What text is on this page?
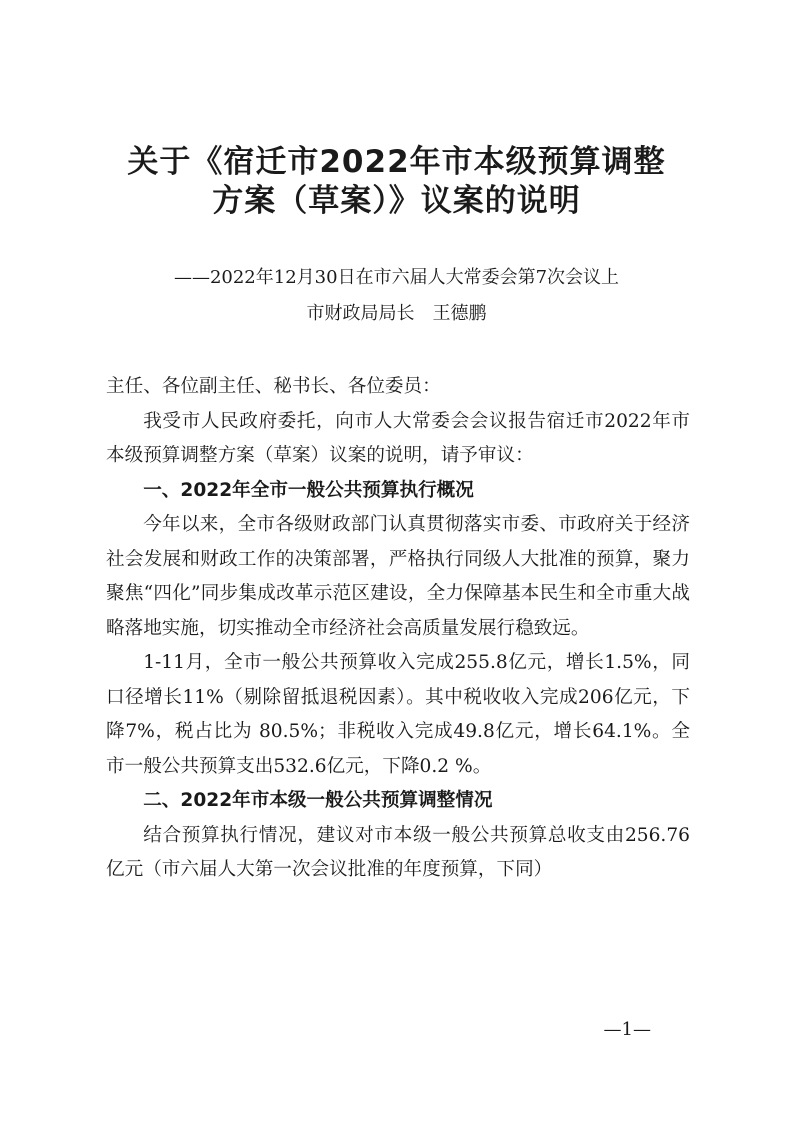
关于《宿迁市2022年市本级预算调整
方案（草案）》议案的说明
——2022年12月30日在市六届人大常委会第7次会议上
市财政局局长　王德鹏

主任、各位副主任、秘书长、各位委员：

我受市人民政府委托，向市人大常委会会议报告宿迁市2022年市本级预算调整方案（草案）议案的说明，请予审议：

一、2022年全市一般公共预算执行概况

今年以来，全市各级财政部门认真贯彻落实市委、市政府关于经济社会发展和财政工作的决策部署，严格执行同级人大批准的预算，聚力聚焦“四化”同步集成改革示范区建设，全力保障基本民生和全市重大战略落地实施，切实推动全市经济社会高质量发展行稳致远。

1-11月，全市一般公共预算收入完成255.8亿元，增长1.5%，同口径增长11%（剔除留抵退税因素）。其中税收收入完成206亿元，下降7%，税占比为 80.5%；非税收入完成49.8亿元，增长64.1%。全市一般公共预算支出532.6亿元，下降0.2 %。

二、2022年市本级一般公共预算调整情况

结合预算执行情况，建议对市本级一般公共预算总收支由256.76亿元（市六届人大第一次会议批准的年度预算，下同）

—1—
